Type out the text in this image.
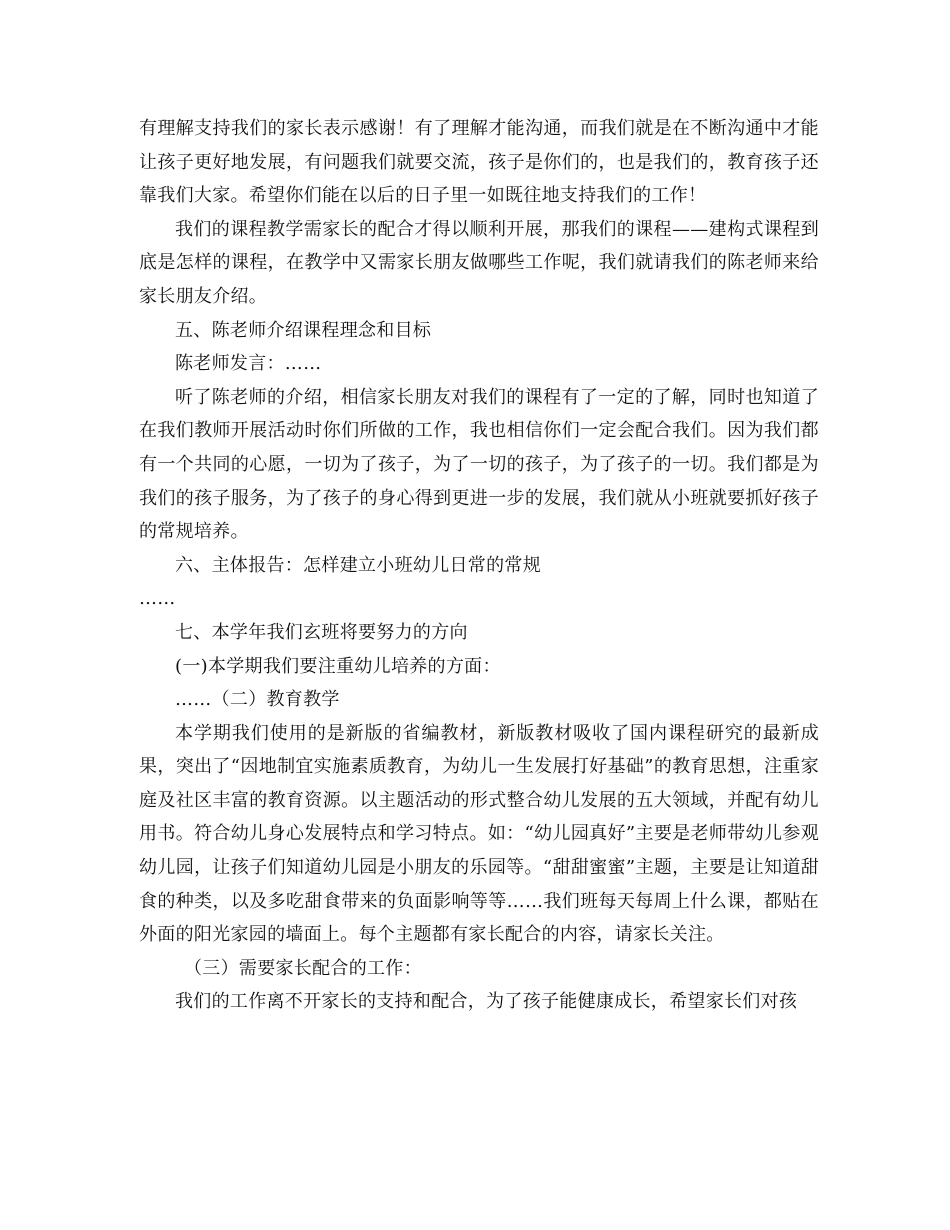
有理解支持我们的家长表示感谢！有了理解才能沟通，而我们就是在不断沟通中才能让孩子更好地发展，有问题我们就要交流，孩子是你们的，也是我们的，教育孩子还靠我们大家。希望你们能在以后的日子里一如既往地支持我们的工作！

我们的课程教学需家长的配合才得以顺利开展，那我们的课程——建构式课程到底是怎样的课程，在教学中又需家长朋友做哪些工作呢，我们就请我们的陈老师来给家长朋友介绍。

五、陈老师介绍课程理念和目标

陈老师发言：……

听了陈老师的介绍，相信家长朋友对我们的课程有了一定的了解，同时也知道了在我们教师开展活动时你们所做的工作，我也相信你们一定会配合我们。因为我们都有一个共同的心愿，一切为了孩子，为了一切的孩子，为了孩子的一切。我们都是为我们的孩子服务，为了孩子的身心得到更进一步的发展，我们就从小班就要抓好孩子的常规培养。

六、主体报告：怎样建立小班幼儿日常的常规

……

七、本学年我们玄班将要努力的方向

(一)本学期我们要注重幼儿培养的方面：

……（二）教育教学

本学期我们使用的是新版的省编教材，新版教材吸收了国内课程研究的最新成果，突出了“因地制宜实施素质教育，为幼儿一生发展打好基础”的教育思想，注重家庭及社区丰富的教育资源。以主题活动的形式整合幼儿发展的五大领域，并配有幼儿用书。符合幼儿身心发展特点和学习特点。如：“幼儿园真好”主要是老师带幼儿参观幼儿园，让孩子们知道幼儿园是小朋友的乐园等。“甜甜蜜蜜”主题，主要是让知道甜食的种类，以及多吃甜食带来的负面影响等等……我们班每天每周上什么课，都贴在外面的阳光家园的墙面上。每个主题都有家长配合的内容，请家长关注。

（三）需要家长配合的工作：

我们的工作离不开家长的支持和配合，为了孩子能健康成长，希望家长们对孩
